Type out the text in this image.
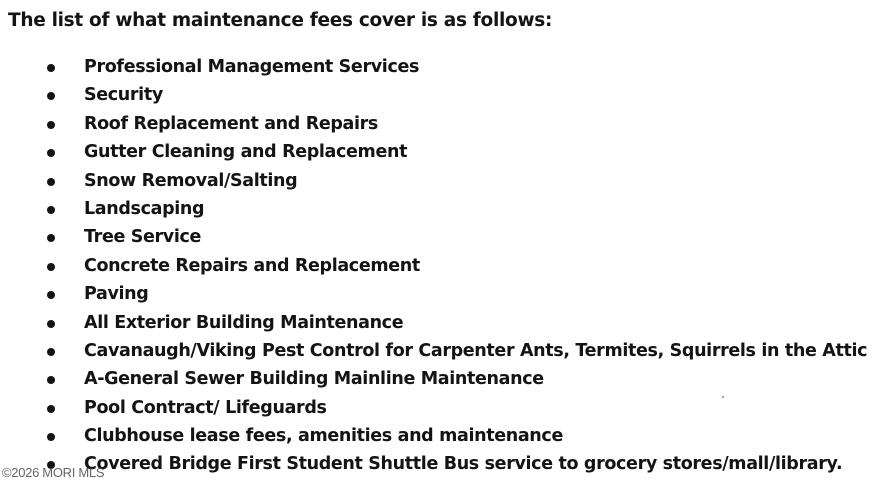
The list of what maintenance fees cover is as follows:
Professional Management Services
Security
Roof Replacement and Repairs
Gutter Cleaning and Replacement
Snow Removal/Salting
Landscaping
Tree Service
Concrete Repairs and Replacement
Paving
All Exterior Building Maintenance
Cavanaugh/Viking Pest Control for Carpenter Ants, Termites, Squirrels in the Attic
A-General Sewer Building Mainline Maintenance
Pool Contract/ Lifeguards
Clubhouse lease fees, amenities and maintenance
Covered Bridge First Student Shuttle Bus service to grocery stores/mall/library.
©2026 MORI MLS
